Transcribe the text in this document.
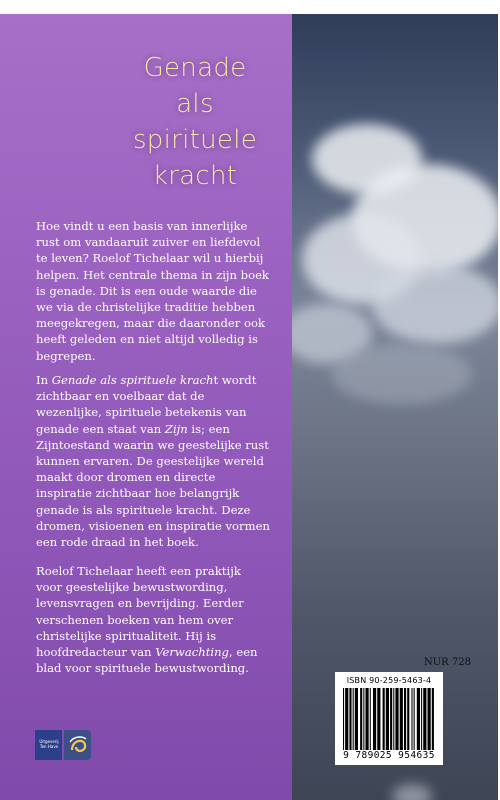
Genade
als
spirituele
kracht
Hoe vindt u een basis van innerlijke rust om vandaaruit zuiver en liefdevol te leven? Roelof Tichelaar wil u hierbij helpen. Het centrale thema in zijn boek is genade. Dit is een oude waarde die we via de christelijke traditie hebben meegekregen, maar die daaronder ook heeft geleden en niet altijd volledig is begrepen.
In Genade als spirituele kracht wordt zichtbaar en voelbaar dat de wezenlijke, spirituele betekenis van genade een staat van Zijn is; een Zijntoestand waarin we geestelijke rust kunnen ervaren. De geestelijke wereld maakt door dromen en directe inspiratie zichtbaar hoe belangrijk genade is als spirituele kracht. Deze dromen, visioenen en inspiratie vormen een rode draad in het boek.
Roelof Tichelaar heeft een praktijk voor geestelijke bewustwording, levensvragen en bevrijding. Eerder verschenen boeken van hem over christelijke spiritualiteit. Hij is hoofdredacteur van Verwachting, een blad voor spirituele bewustwording.	NUR 728
ISBN 90-259-5463-4
9 789025 954635
Uitgeverij Ten Have
